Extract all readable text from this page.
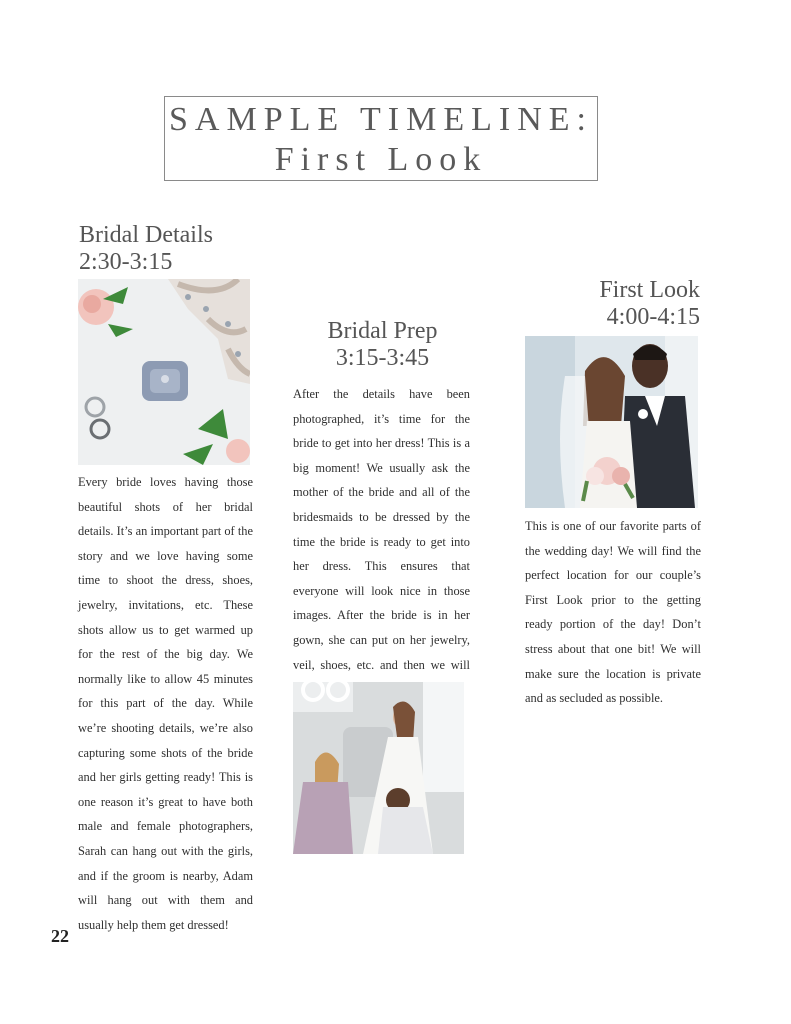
SAMPLE TIMELINE:
First Look
Bridal Details
2:30-3:15
Every bride loves having those beautiful shots of her bridal details. It’s an important part of the story and we love having some time to shoot the dress, shoes, jewelry, invitations, etc. These shots allow us to get warmed up for the rest of the big day. We normally like to allow 45 minutes for this part of the day. While we’re shooting details, we’re also capturing some shots of the bride and her girls getting ready! This is one reason it’s great to have both male and female photographers, Sarah can hang out with the girls, and if the groom is nearby, Adam will hang out with them and usually help them get dressed!
Bridal Prep
3:15-3:45
After the details have been photographed, it’s time for the bride to get into her dress! This is a big moment! We usually ask the mother of the bride and all of the bridesmaids to be dressed by the time the bride is ready to get into her dress. This ensures that everyone will look nice in those images. After the bride is in her gown, she can put on her jewelry, veil, shoes, etc. and then we will
First Look
4:00-4:15
This is one of our favorite parts of the wedding day! We will find the perfect location for our couple’s First Look prior to the getting ready portion of the day! Don’t stress about that one bit! We will make sure the location is private and as secluded as possible.
22
